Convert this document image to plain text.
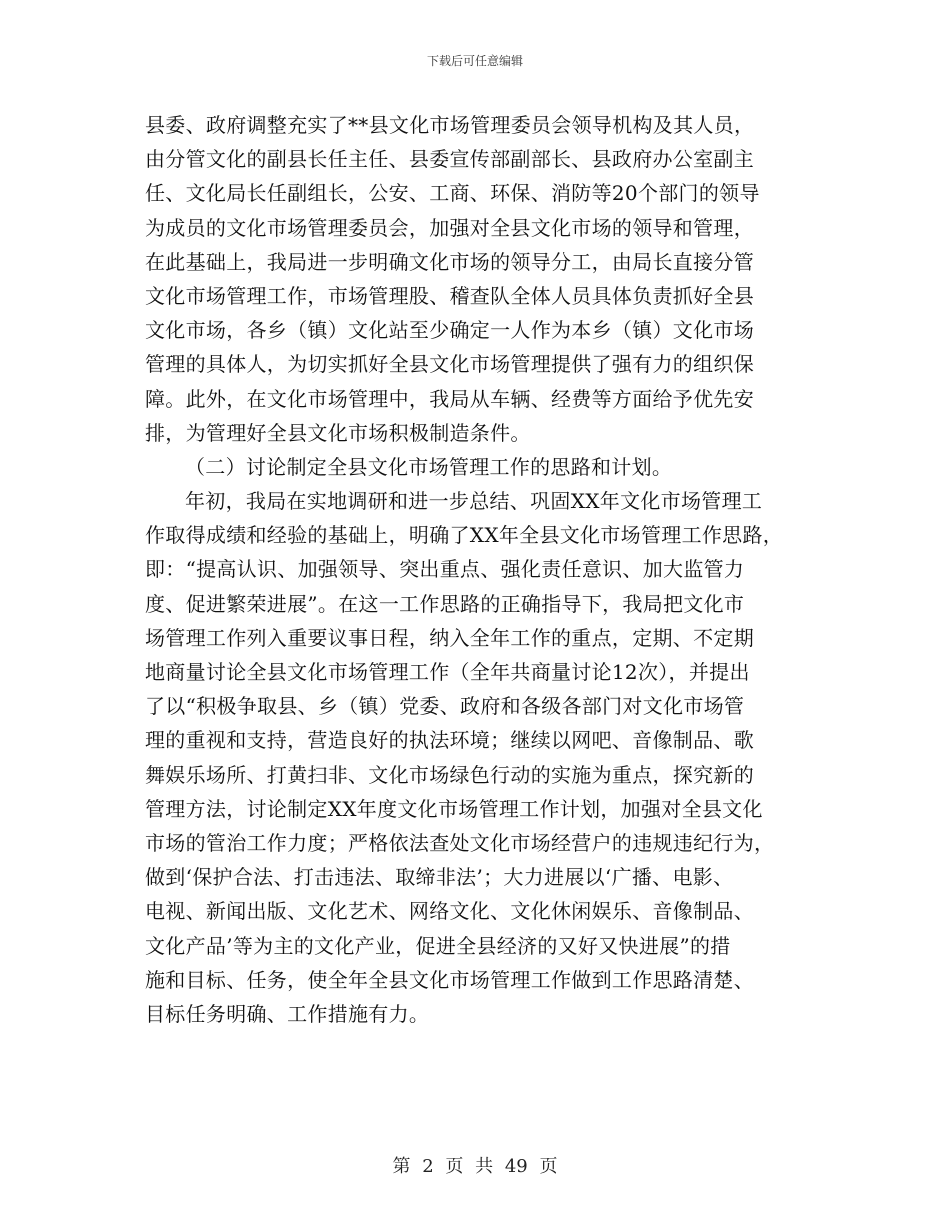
下载后可任意编辑
县委、政府调整充实了**县文化市场管理委员会领导机构及其人员，
由分管文化的副县长任主任、县委宣传部副部长、县政府办公室副主
任、文化局长任副组长，公安、工商、环保、消防等20个部门的领导
为成员的文化市场管理委员会，加强对全县文化市场的领导和管理，
在此基础上，我局进一步明确文化市场的领导分工，由局长直接分管
文化市场管理工作，市场管理股、稽查队全体人员具体负责抓好全县
文化市场，各乡（镇）文化站至少确定一人作为本乡（镇）文化市场
管理的具体人，为切实抓好全县文化市场管理提供了强有力的组织保
障。此外，在文化市场管理中，我局从车辆、经费等方面给予优先安
排，为管理好全县文化市场积极制造条件。
（二）讨论制定全县文化市场管理工作的思路和计划。
年初，我局在实地调研和进一步总结、巩固XX年文化市场管理工
作取得成绩和经验的基础上，明确了XX年全县文化市场管理工作思路，
即：“提高认识、加强领导、突出重点、强化责任意识、加大监管力
度、促进繁荣进展”。在这一工作思路的正确指导下，我局把文化市
场管理工作列入重要议事日程，纳入全年工作的重点，定期、不定期
地商量讨论全县文化市场管理工作（全年共商量讨论12次），并提出
了以“积极争取县、乡（镇）党委、政府和各级各部门对文化市场管
理的重视和支持，营造良好的执法环境；继续以网吧、音像制品、歌
舞娱乐场所、打黄扫非、文化市场绿色行动的实施为重点，探究新的
管理方法，讨论制定XX年度文化市场管理工作计划，加强对全县文化
市场的管治工作力度；严格依法查处文化市场经营户的违规违纪行为，
做到‘保护合法、打击违法、取缔非法’；大力进展以‘广播、电影、
电视、新闻出版、文化艺术、网络文化、文化休闲娱乐、音像制品、
文化产品’等为主的文化产业，促进全县经济的又好又快进展”的措
施和目标、任务，使全年全县文化市场管理工作做到工作思路清楚、
目标任务明确、工作措施有力。
第 2 页 共 49 页
